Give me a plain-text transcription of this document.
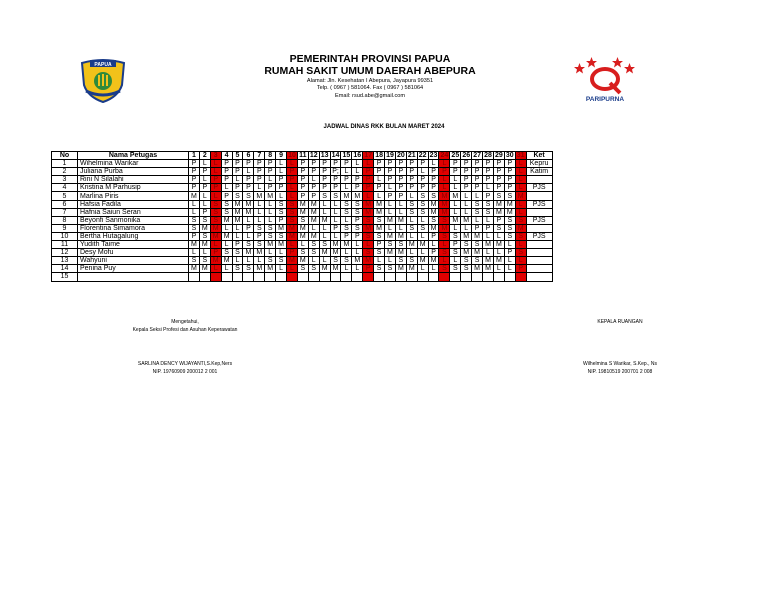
PAPUA	PEMERINTAH PROVINSI PAPUA
RUMAH SAKIT UMUM DAERAH ABEPURA
Alamat: Jln. Kesehatan I Abepura, Jayapura 99351
Telp. ( 0967 ) 581064. Fax ( 0967 ) 581064
Email: rsud.abe@gmail.com
PARIPURNA
JADWAL DINAS RKK BULAN MARET 2024
No	Nama Petugas	1	2	3	4	5	6	7	8	9	10	11	12	13	14	15	16	17	18	19	20	21	22	23	24	25	26	27	28	29	30	31	Ket
1	Wihelmina Warikar	P	L	L	P	P	P	P	P	L	L	P	P	P	P	P	L	L	P	P	P	P	P	L	L	P	P	P	P	P	P	L	Kepru
2	Juliana Purba	P	P	L	P	P	L	P	P	L	P	P	P	P	P;	L	L	P	P	P	P	P	L	P	P	P	P	P	P	P	P	L	Katim
3	Rini N Silalahi	P	L	P	P	L	P	P	L	P	P	P	L	P	P	P	P	P	L	P	P	P	P	P	L	L	P	P	P	P	P	L	
4	Kristina M Parhusip	P	P	P	L	P	P	L	P	P	L	P	P	P	P	L	P	P	P	L	P	P	P	P	L	L	P	P	L	P	P	L	PJS
5	Marlina Piris	M	L	L	P	S	S	M	M	L	L	P	P	S	S	M	M	L	L	P	P	L	S	S	M	M	L	L	P	S	S	M	
6	Hafsia Fadila	L	L	S	S	M	M	L	L	S	S	M	M	L	L	S	S	M	M	L	L	S	S	M	M	L	L	S	S	M	M	L	PJS
7	Hafnia Saiun Seran	L	P	S	S	M	M	L	L	S	S	M	M	L	L	S	S	M	M	L	L	S	S	M	M	L	L	S	S	M	M	L	
8	Beyonfi Sanmonika	S	S	S	M	M	L	L	L	P	S	S	M	M	L	L	P	S	S	M	M	L	L	S	S	M	M	L	L	P	S	S	PJS
9	Florentina Simamora	S	M	M	L	L	P	S	S	M	M	M	L	L	P	S	S	M	M	L	L	S	S	M	M	L	L	P	P	S	S	M	
10	Bertha Hutagalung	P	S	M	M	L	L	P	S	S	M	M	M	L	L	P	P	S	S	M	M	L	L	P	S	S	M	M	L	L	S	S	PJS
11	Yudith Taime	M	M	L	L	P	S	S	M	M	L	L	S	S	M	M	L	L	P	S	S	M	M	L	L	P	S	S	M	M	L	L	
12	Desy Mofu	L	L	P	S	S	M	M	L	L	P	S	S	M	M	L	L	S	S	M	M	L	L	P	S	S	M	M	L	L	P	S	
13	Wahyuni	S	S	M	M	L	L	L	S	S	M	M	L	L	S	S	M	M	L	L	S	S	M	M	L	L	S	S	M	M	L	L	
14	Penina Puy	M	M	L	L	S	S	M	M	L	L	S	S	M	M	L	L	P	S	S	M	M	L	L	S	S	S	M	M	L	L	P	
15																																	
Mengetahui,
Kepala Seksi Profesi dan Asuhan Keperawatan
KEPALA RUANGAN
SARLINA DENCY WIJAYANTI,S.Kep,Ners
NIP. 19760909 200012 2 001
Wilhelmina S Warikar, S.Kep., Ns
NIP. 19810519 200701 2 008
